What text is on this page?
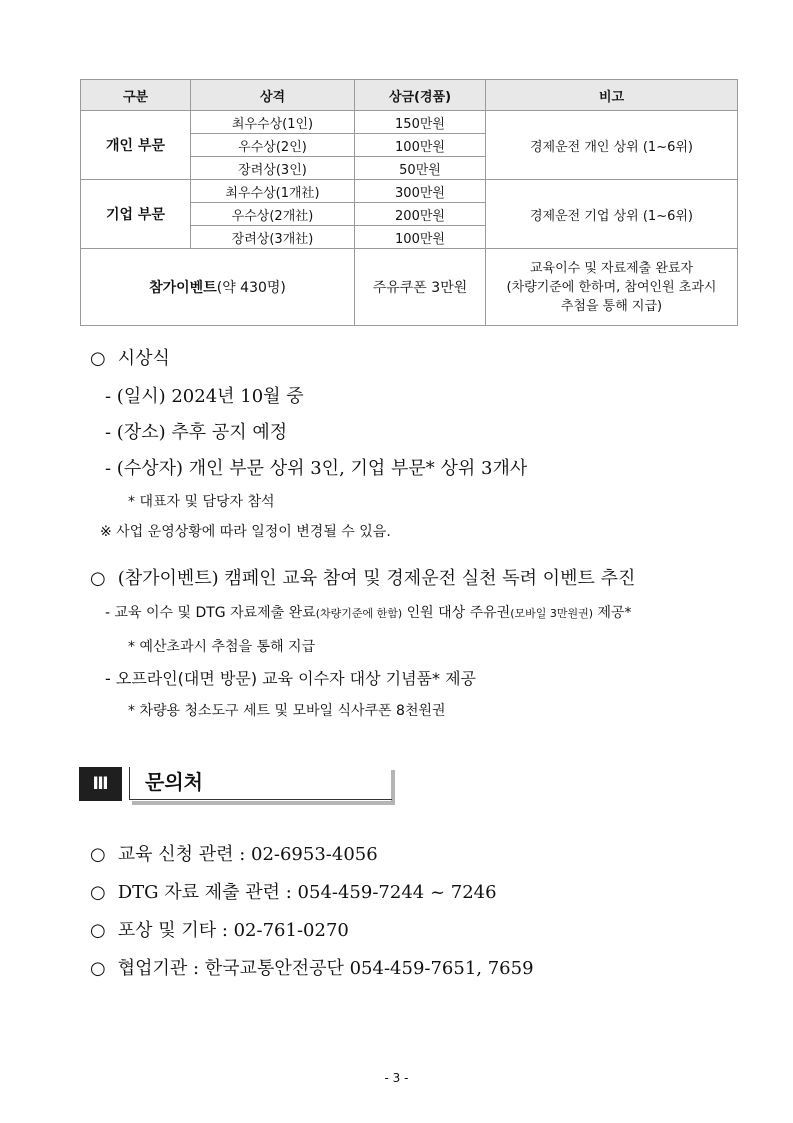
구분	상격	상금(경품)	비고
개인 부문	최우수상(1인)	150만원	경제운전 개인 상위 (1~6위)
	우수상(2인)	100만원	
	장려상(3인)	50만원	
기업 부문	최우수상(1개社)	300만원	경제운전 기업 상위 (1~6위)
	우수상(2개社)	200만원	
	장려상(3개社)	100만원	
참가이벤트(약 430명)		주유쿠폰 3만원	교육이수 및 자료제출 완료자
(차량기준에 한하며, 참여인원 초과시
추첨을 통해 지급)
○ 시상식
- (일시) 2024년 10월 중
- (장소) 추후 공지 예정
- (수상자) 개인 부문 상위 3인, 기업 부문* 상위 3개사
* 대표자 및 담당자 참석
※ 사업 운영상황에 따라 일정이 변경될 수 있음.
○ (참가이벤트) 캠페인 교육 참여 및 경제운전 실천 독려 이벤트 추진
- 교육 이수 및 DTG 자료제출 완료(차량기준에 한함) 인원 대상 주유권(모바일 3만원권) 제공*
* 예산초과시 추첨을 통해 지급
- 오프라인(대면 방문) 교육 이수자 대상 기념품* 제공
* 차량용 청소도구 세트 및 모바일 식사쿠폰 8천원권
Ⅲ	문의처
○ 교육 신청 관련 : 02-6953-4056
○ DTG 자료 제출 관련 : 054-459-7244 ~ 7246
○ 포상 및 기타 : 02-761-0270
○ 협업기관 : 한국교통안전공단 054-459-7651, 7659
- 3 -
